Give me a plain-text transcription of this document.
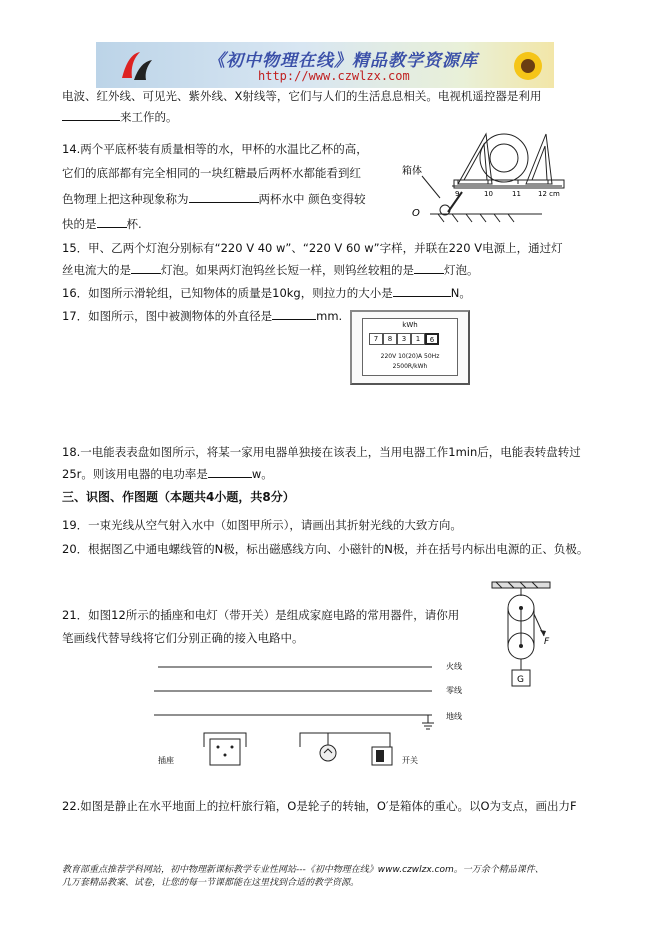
《初中物理在线》精品教学资源库
http://www.czwlzx.com
电波、红外线、可见光、紫外线、X射线等，它们与人们的生活息息相关。电视机遥控器是利用
来工作的。
14.两个平底杯装有质量相等的水，甲杯的水温比乙杯的高，
它们的底部都有完全相同的一块红糖最后两杯水都能看到红
色物理上把这种现象称为	两杯水中 颜色变得较
快的是	杯.
9	10	11 12 cm
箱体
O
15．甲、乙两个灯泡分别标有“220 V 40 w”、“220 V 60 w”字样，并联在220 V电源上，通过灯
丝电流大的是	灯泡。如果两灯泡钨丝长短一样，则钨丝较粗的是	灯泡。
16．如图所示滑轮组，已知物体的质量是10kg，则拉力的大小是	N。
17．如图所示，图中被测物体的外直径是	mm.
kWh
7	8	3	1	6
220V 10(20)A 50Hz
2500R/kWh
18.一电能表表盘如图所示，将某一家用电器单独接在该表上，当用电器工作1min后，电能表转盘转过
25r。则该用电器的电功率是	w。
三、识图、作图题（本题共4小题，共8分）
19．一束光线从空气射入水中（如图甲所示），请画出其折射光线的大致方向。
20．根据图乙中通电螺线管的N极，标出磁感线方向、小磁针的N极，并在括号内标出电源的正、负极。
21．如图12所示的插座和电灯（带开关）是组成家庭电路的常用器件，请你用
笔画线代替导线将它们分别正确的接入电路中。	F
G
火线
零线
地线
插座	开关
22.如图是静止在水平地面上的拉杆旅行箱，O是轮子的转轴，O′是箱体的重心。以O为支点，画出力F
教育部重点推荐学科网站，初中物理新课标教学专业性网站---《初中物理在线》www.czwlzx.com。一万余个精品课件、
几万套精品教案、试卷，让您的每一节课都能在这里找到合适的教学资源。
